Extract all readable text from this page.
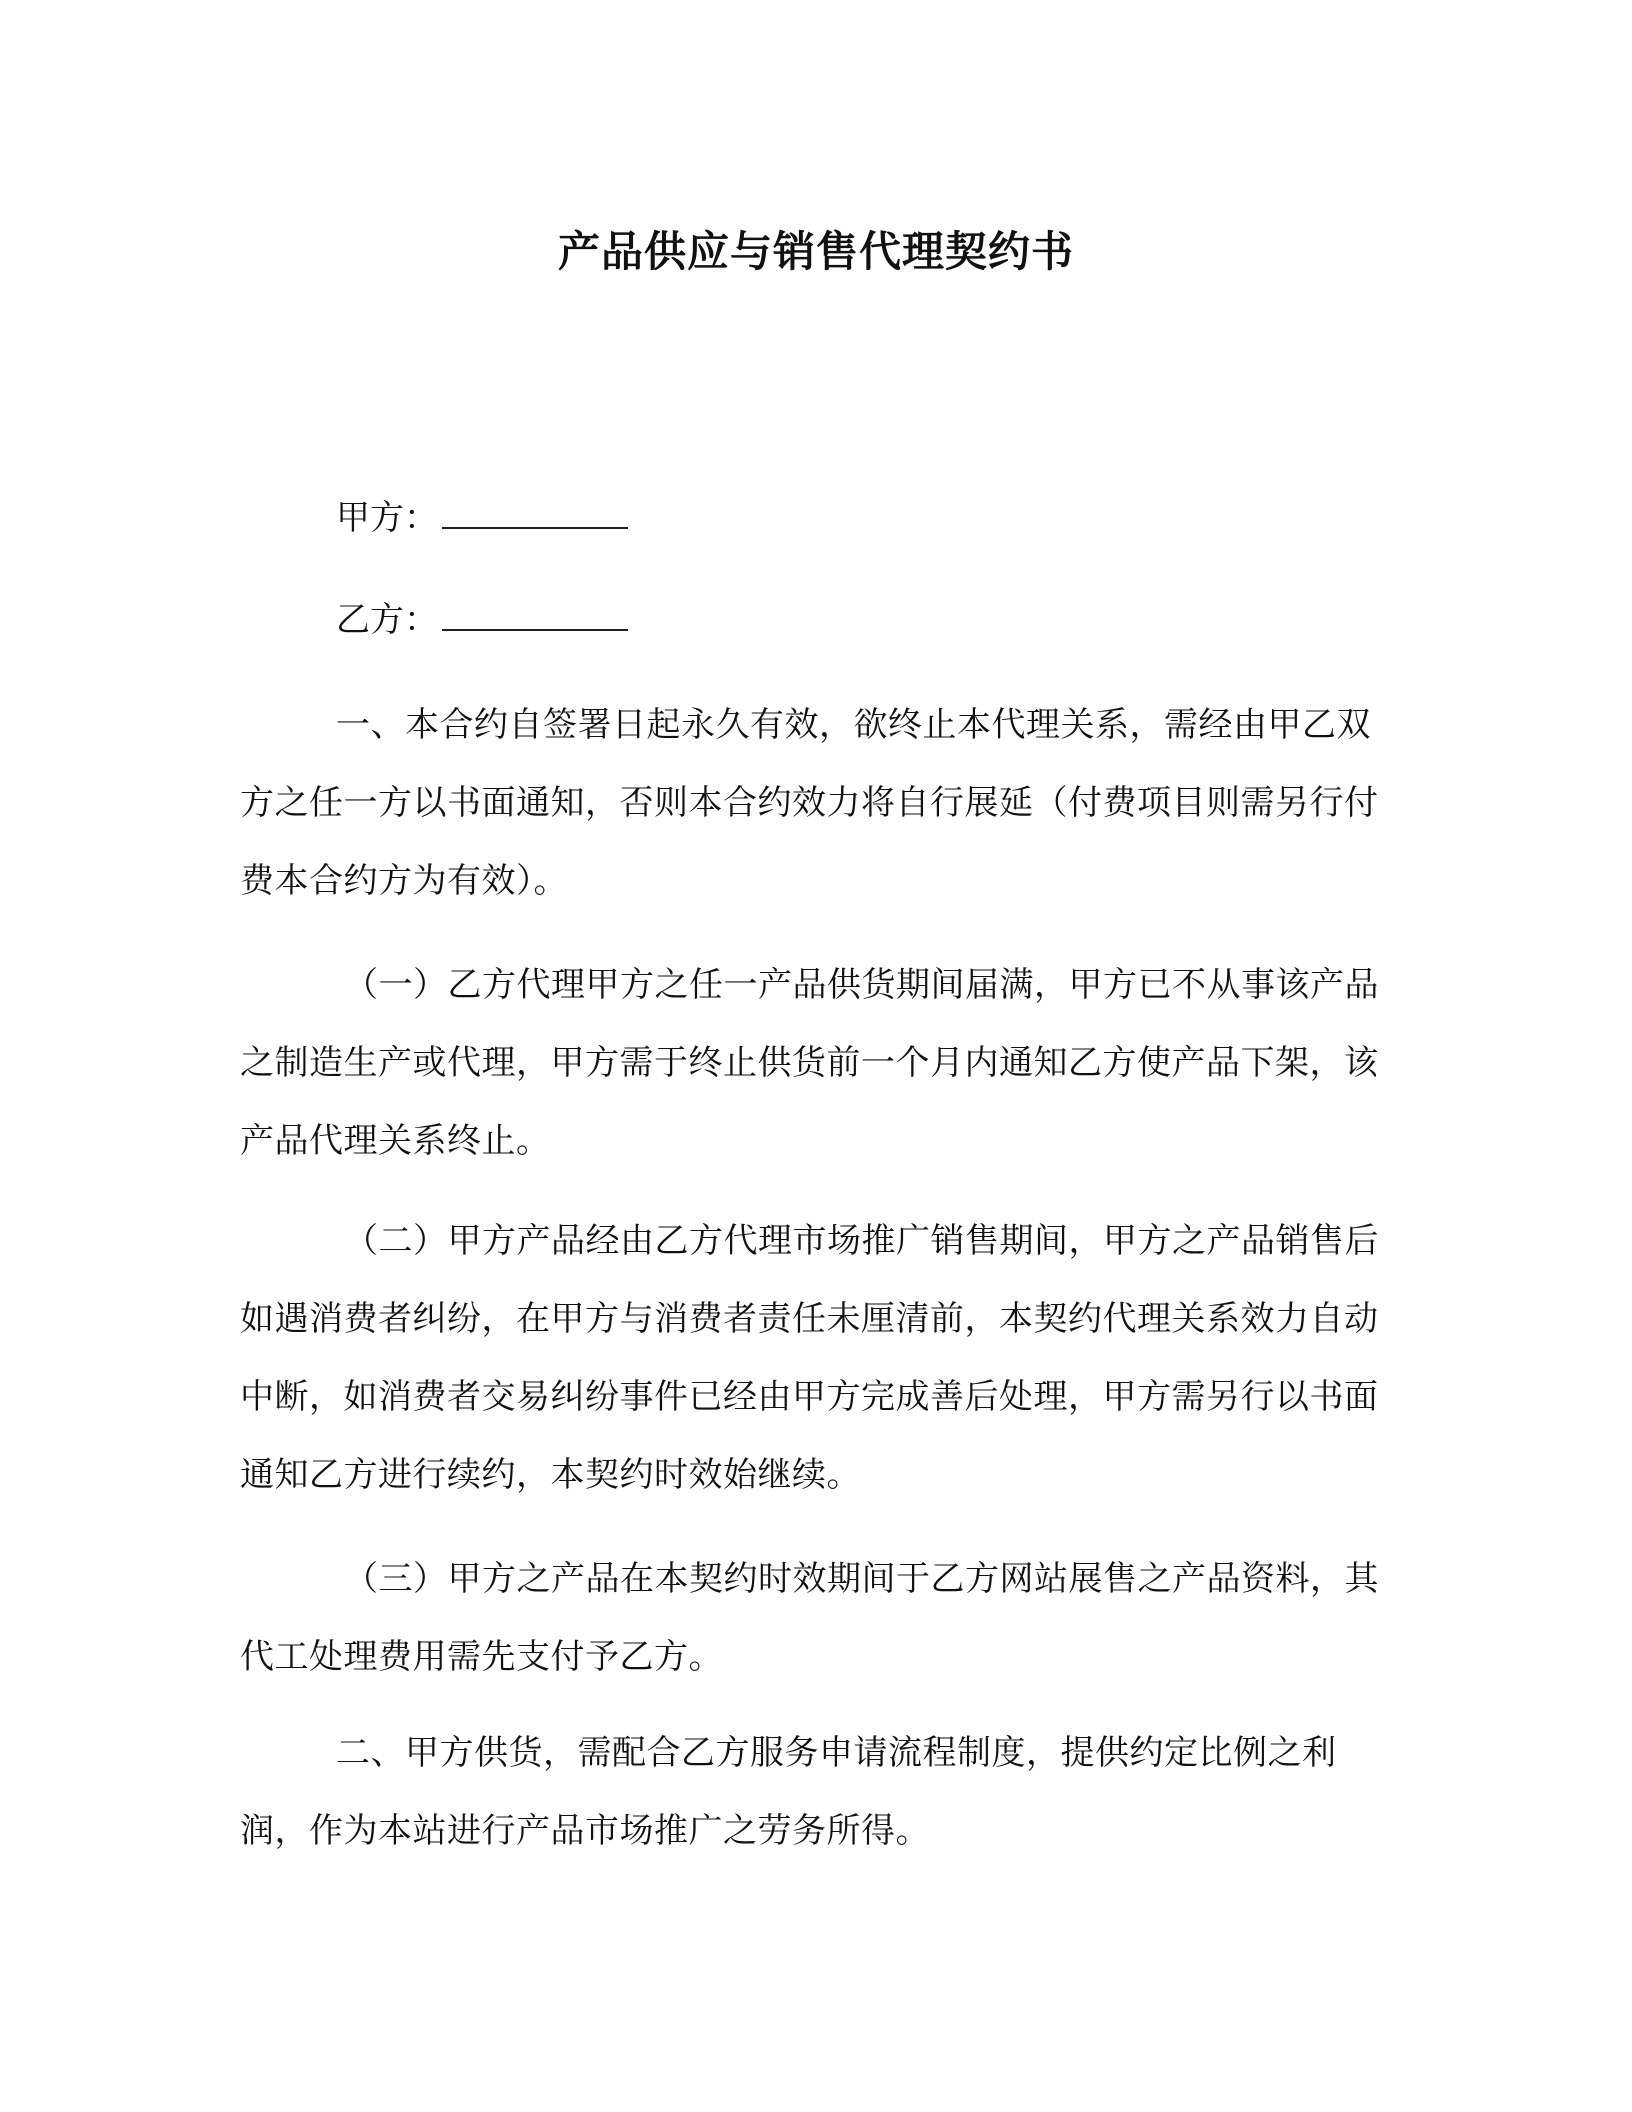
产品供应与销售代理契约书
甲方：
乙方：

一、本合约自签署日起永久有效，欲终止本代理关系，需经由甲乙双方之任一方以书面通知，否则本合约效力将自行展延（付费项目则需另行付费本合约方为有效）。

（一）乙方代理甲方之任一产品供货期间届满，甲方已不从事该产品之制造生产或代理，甲方需于终止供货前一个月内通知乙方使产品下架，该产品代理关系终止。

（二）甲方产品经由乙方代理市场推广销售期间，甲方之产品销售后如遇消费者纠纷，在甲方与消费者责任未厘清前，本契约代理关系效力自动中断，如消费者交易纠纷事件已经由甲方完成善后处理，甲方需另行以书面通知乙方进行续约，本契约时效始继续。

（三）甲方之产品在本契约时效期间于乙方网站展售之产品资料，其代工处理费用需先支付予乙方。

二、甲方供货，需配合乙方服务申请流程制度，提供约定比例之利润，作为本站进行产品市场推广之劳务所得。
